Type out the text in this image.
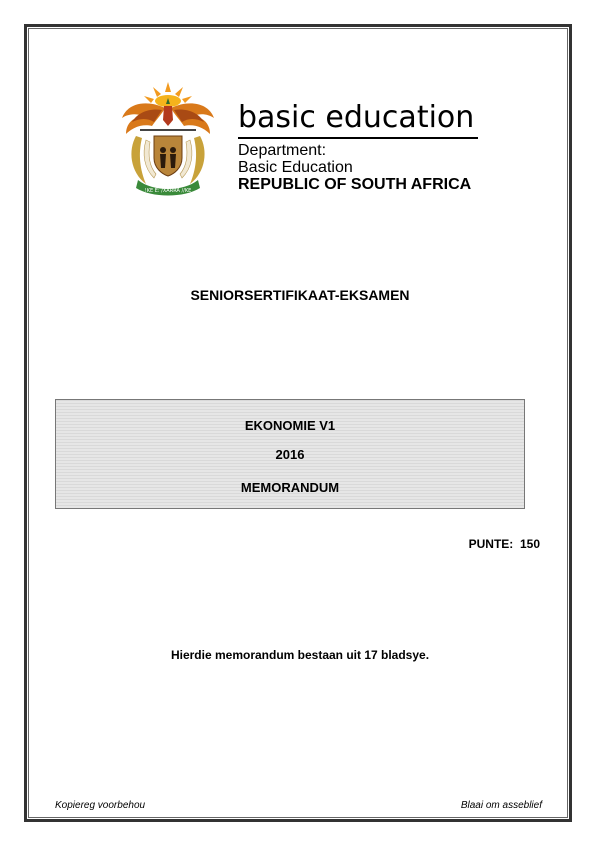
!KE E: /XARRA //KE
basic education
Department:
Basic Education
REPUBLIC OF SOUTH AFRICA
SENIORSERTIFIKAAT-EKSAMEN
EKONOMIE V1
2016
MEMORANDUM
PUNTE: 150
Hierdie memorandum bestaan uit 17 bladsye.
Kopiereg voorbehou	Blaai om asseblief
